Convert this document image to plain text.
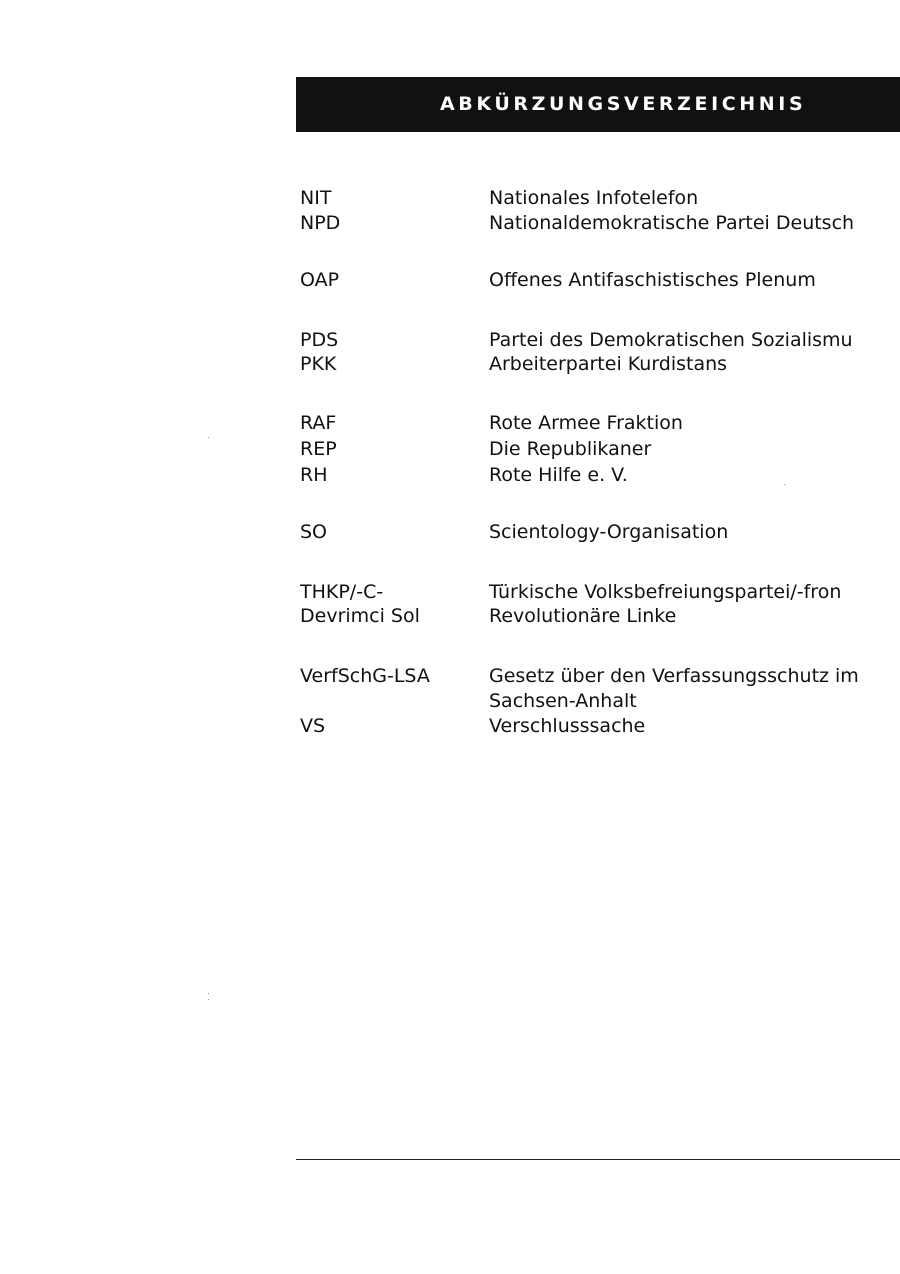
ABKÜRZUNGSVERZEICHNIS
NIT	Nationales Infotelefon
NPD	Nationaldemokratische Partei Deutsch
OAP	Offenes Antifaschistisches Plenum
PDS	Partei des Demokratischen Sozialismu
PKK	Arbeiterpartei Kurdistans
RAF	Rote Armee Fraktion
REP	Die Republikaner
RH	Rote Hilfe e. V.
SO	Scientology-Organisation
THKP/-C-	Türkische Volksbefreiungspartei/-fron
Devrimci Sol	Revolutionäre Linke
VerfSchG-LSA	Gesetz über den Verfassungsschutz im
Sachsen-Anhalt
VS	Verschlusssache
